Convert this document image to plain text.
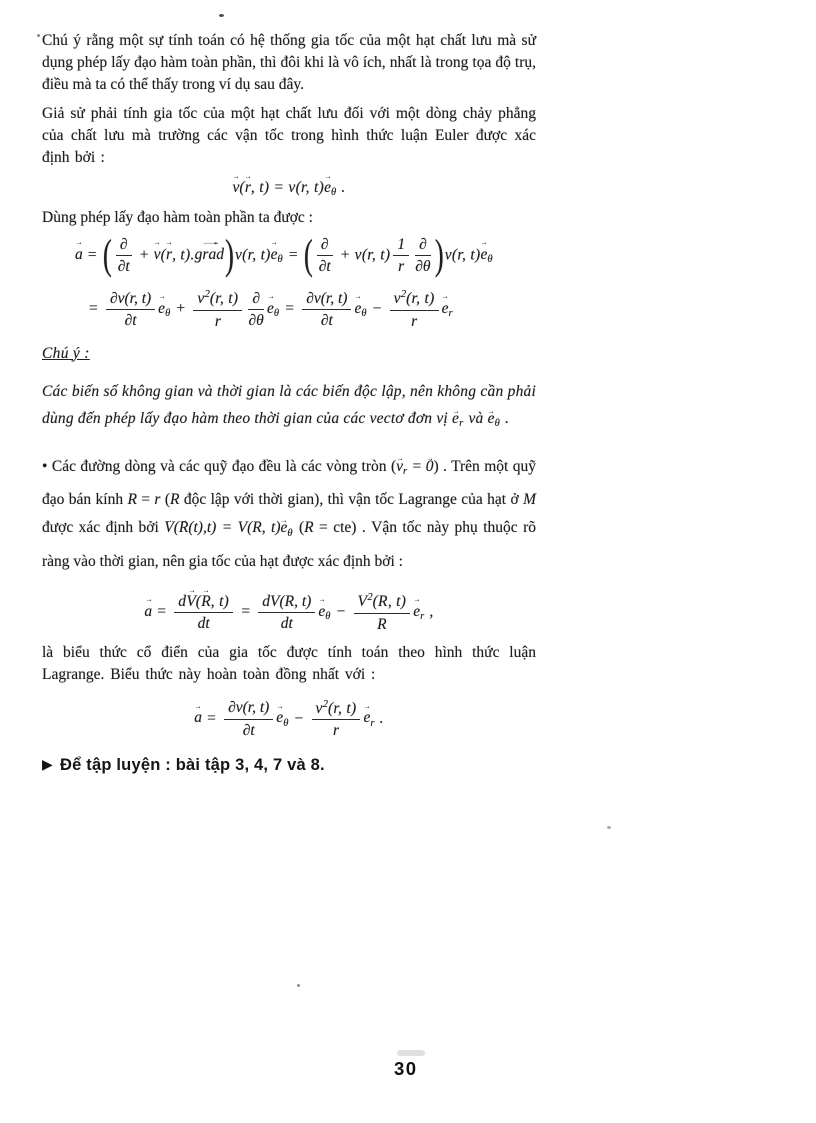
Chú ý rằng một sự tính toán có hệ thống gia tốc của một hạt chất lưu mà sử dụng phép lấy đạo hàm toàn phần, thì đôi khi là vô ích, nhất là trong tọa độ trụ, điều mà ta có thể thấy trong ví dụ sau đây.

Giả sử phải tính gia tốc của một hạt chất lưu đối với một dòng chảy phẳng của chất lưu mà trường các vận tốc trong hình thức luận Euler được xác định bởi :

v →(r →, t) = v(r, $t)e \to_\theta$ .

Dùng phép lấy đạo hàm toàn phần ta được :

a → = ( $\frac{\partial}{\partial t} + v \to(r$ →, t).grad →)v(r, $t)e \to_\theta$ = ( $\frac{\partial}{\partial t} + v(r$, $t) \frac{1}{r} \frac{\partial}{\partial\theta} )v(r$, $t)e \to_\theta$
= $\frac{\partial v(r, t)}{\partial t}$ $e \to_\theta + \frac{v^2(r, t)}{r} \frac{\partial}{\partial\theta}$ $e \to_\theta = \frac{\partial v(r, t)}{\partial t}$ $e \to_\theta - \frac{v^2(r, t)}{r}$ $e \to_r$

Chú ý :

Các biến số không gian và thời gian là các biến độc lập, nên không cần phải dùng đến phép lấy đạo hàm theo thời gian của các vectơ đơn vị $e \to_r$ và $e \to_\theta$ .

• Các đường dòng và các quỹ đạo đều là các vòng tròn ($v \to_r = 0$ →) . Trên một quỹ đạo bán kính R = r (R độc lập với thời gian), thì vận tốc Lagrange của hạt ở M được xác định bởi V →(R →(t),t) = V(R, $t)e \to_\theta$ (R = cte) . Vận tốc này phụ thuộc rõ ràng vào thời gian, nên gia tốc của hạt được xác định bởi :

a → = $\frac{dV \to(R \to, t)}{dt} = \frac{dV(R, t)}{dt}$ $e \to_\theta - \frac{V^2(R, t)}{R}$ $e \to_r$ ,

là biểu thức cổ điển của gia tốc được tính toán theo hình thức luận Lagrange. Biểu thức này hoàn toàn đồng nhất với :

a → = $\frac{\partial v(r, t)}{\partial t}$ $e \to_\theta - \frac{v^2(r, t)}{r}$ $e \to_r$ .

▶ Để tập luyện : bài tập 3, 4, 7 và 8.

30
